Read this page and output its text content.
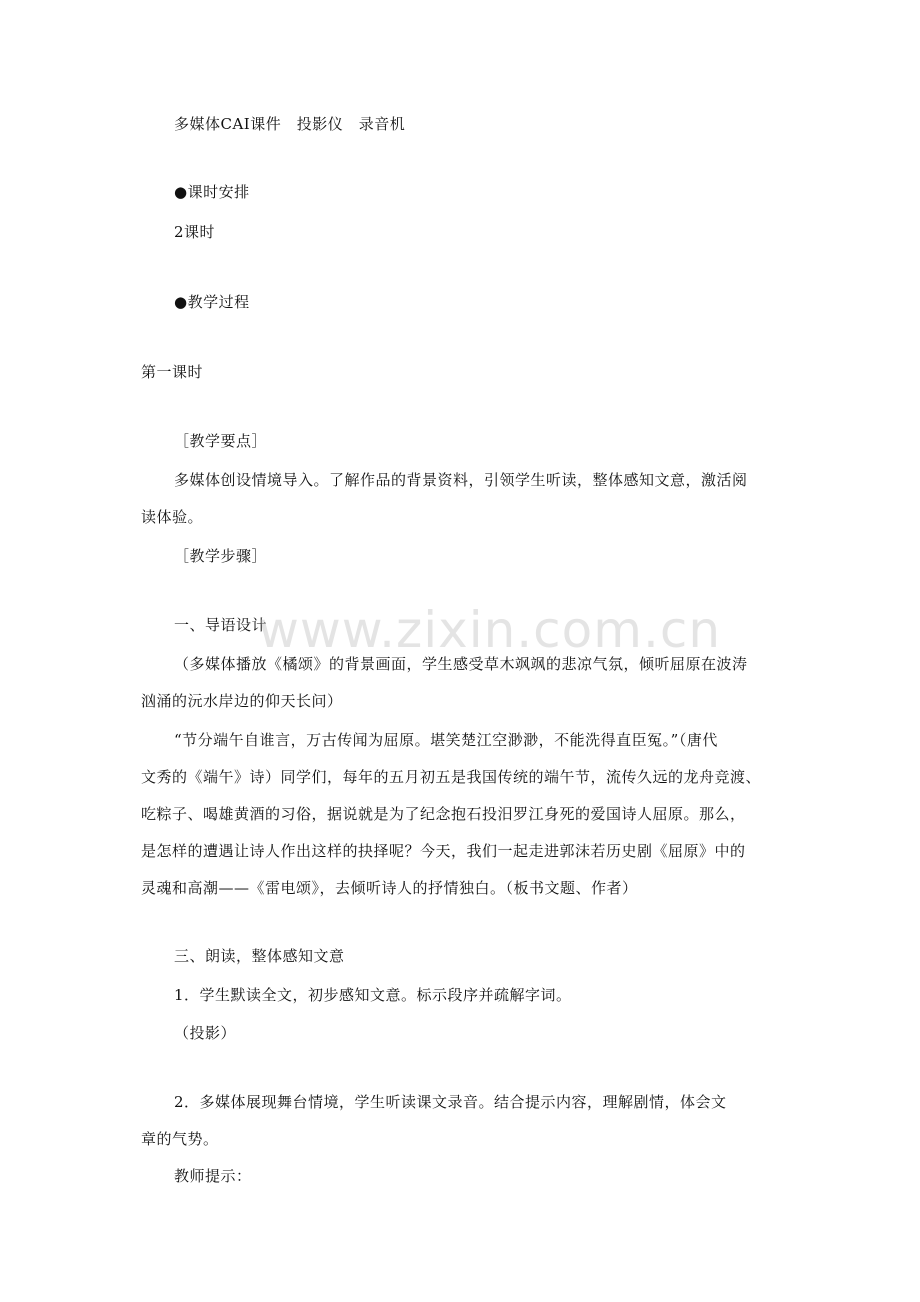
多媒体CAI课件　投影仪　录音机
●课时安排
2课时
●教学过程
第一课时
［教学要点］
多媒体创设情境导入。了解作品的背景资料，引领学生听读，整体感知文意，激活阅
读体验。
［教学步骤］
一、导语设计
（多媒体播放《橘颂》的背景画面，学生感受草木飒飒的悲凉气氛，倾听屈原在波涛
汹涌的沅水岸边的仰天长问）
“节分端午自谁言，万古传闻为屈原。堪笑楚江空渺渺，不能洗得直臣冤。”（唐代
文秀的《端午》诗）同学们，每年的五月初五是我国传统的端午节，流传久远的龙舟竞渡、
吃粽子、喝雄黄酒的习俗，据说就是为了纪念抱石投汨罗江身死的爱国诗人屈原。那么，
是怎样的遭遇让诗人作出这样的抉择呢？今天，我们一起走进郭沫若历史剧《屈原》中的
灵魂和高潮——《雷电颂》，去倾听诗人的抒情独白。（板书文题、作者）
三、朗读，整体感知文意
1．学生默读全文，初步感知文意。标示段序并疏解字词。
（投影）
2．多媒体展现舞台情境，学生听读课文录音。结合提示内容，理解剧情，体会文
章的气势。
教师提示：
www.zixin.com.cn
